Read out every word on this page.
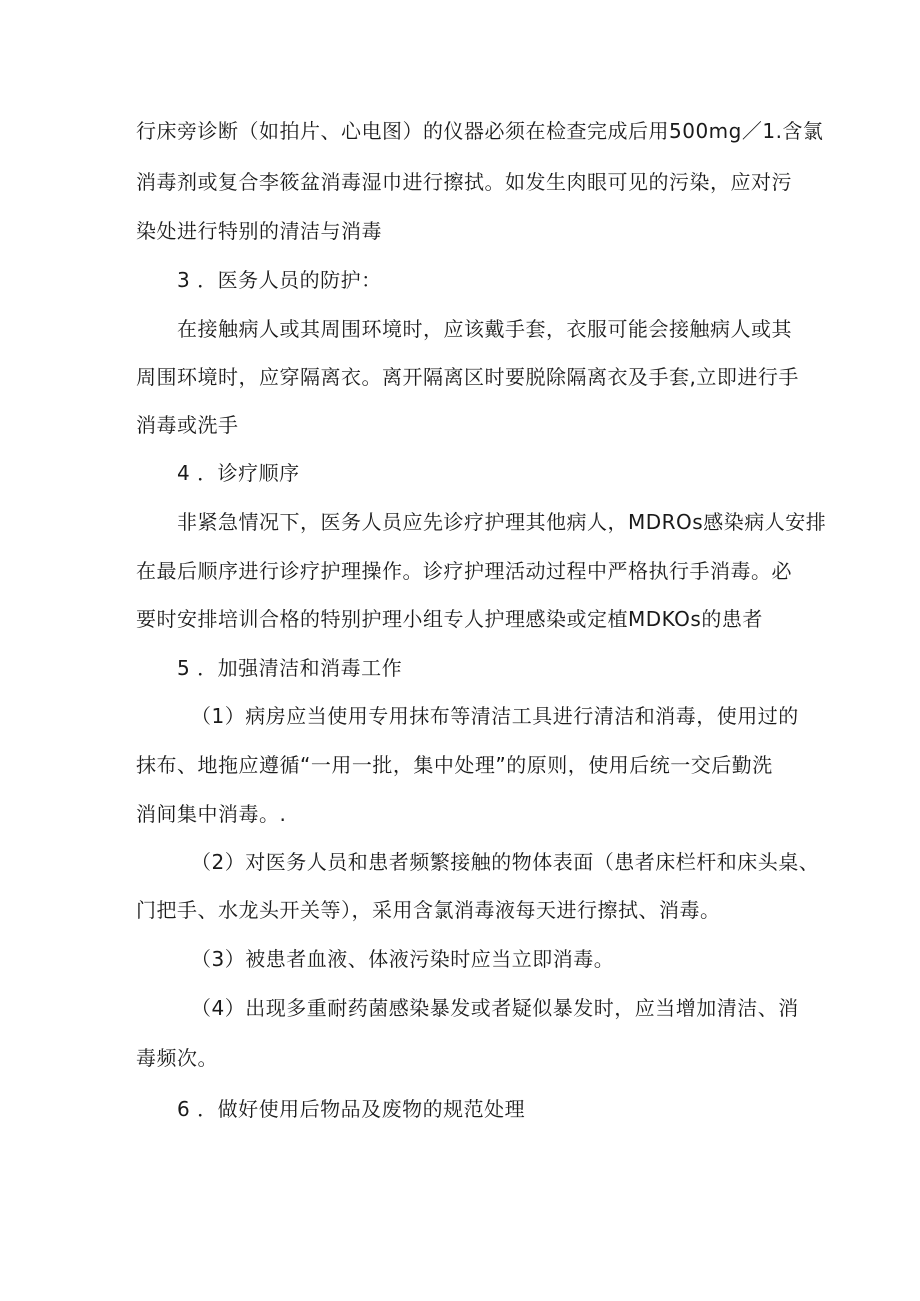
行床旁诊断（如拍片、心电图）的仪器必须在检查完成后用500mg／1.含氯
消毒剂或复合李筱盆消毒湿巾进行擦拭。如发生肉眼可见的污染，应对污
染处进行特别的清洁与消毒
3 ．医务人员的防护：
在接触病人或其周围环境时，应该戴手套，衣服可能会接触病人或其
周围环境时，应穿隔离衣。离开隔离区时要脱除隔离衣及手套,立即进行手
消毒或洗手
4 ．诊疗顺序
非紧急情况下，医务人员应先诊疗护理其他病人，MDROs感染病人安排
在最后顺序进行诊疗护理操作。诊疗护理活动过程中严格执行手消毒。必
要时安排培训合格的特别护理小组专人护理感染或定植MDKOs的患者
5 ．加强清洁和消毒工作
（1）病房应当使用专用抹布等清洁工具进行清洁和消毒，使用过的
抹布、地拖应遵循“一用一批，集中处理”的原则，使用后统一交后勤洗
消间集中消毒。.
（2）对医务人员和患者频繁接触的物体表面（患者床栏杆和床头桌、
门把手、水龙头开关等），采用含氯消毒液每天进行擦拭、消毒。
（3）被患者血液、体液污染时应当立即消毒。
（4）出现多重耐药菌感染暴发或者疑似暴发时，应当增加清洁、消
毒频次。
6 ．做好使用后物品及废物的规范处理
